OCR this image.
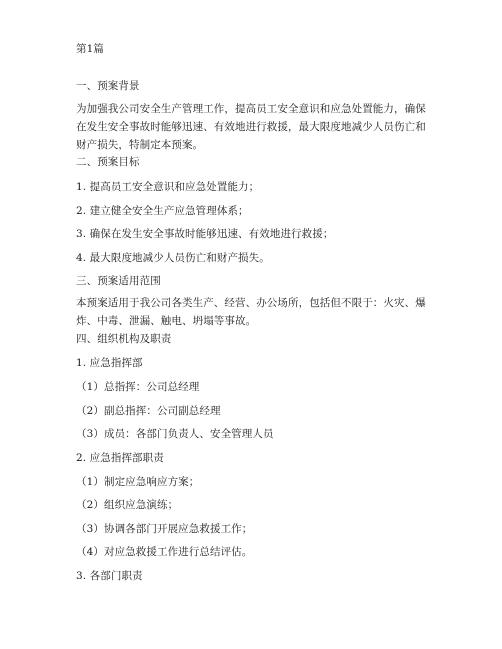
第1篇
一、预案背景
为加强我公司安全生产管理工作，提高员工安全意识和应急处置能力，确保在发生安全事故时能够迅速、有效地进行救援，最大限度地减少人员伤亡和财产损失，特制定本预案。
二、预案目标
1. 提高员工安全意识和应急处置能力；
2. 建立健全安全生产应急管理体系；
3. 确保在发生安全事故时能够迅速、有效地进行救援；
4. 最大限度地减少人员伤亡和财产损失。
三、预案适用范围
本预案适用于我公司各类生产、经营、办公场所，包括但不限于：火灾、爆炸、中毒、泄漏、触电、坍塌等事故。
四、组织机构及职责
1. 应急指挥部
（1）总指挥：公司总经理
（2）副总指挥：公司副总经理
（3）成员：各部门负责人、安全管理人员
2. 应急指挥部职责
（1）制定应急响应方案；
（2）组织应急演练；
（3）协调各部门开展应急救援工作；
（4）对应急救援工作进行总结评估。
3. 各部门职责
